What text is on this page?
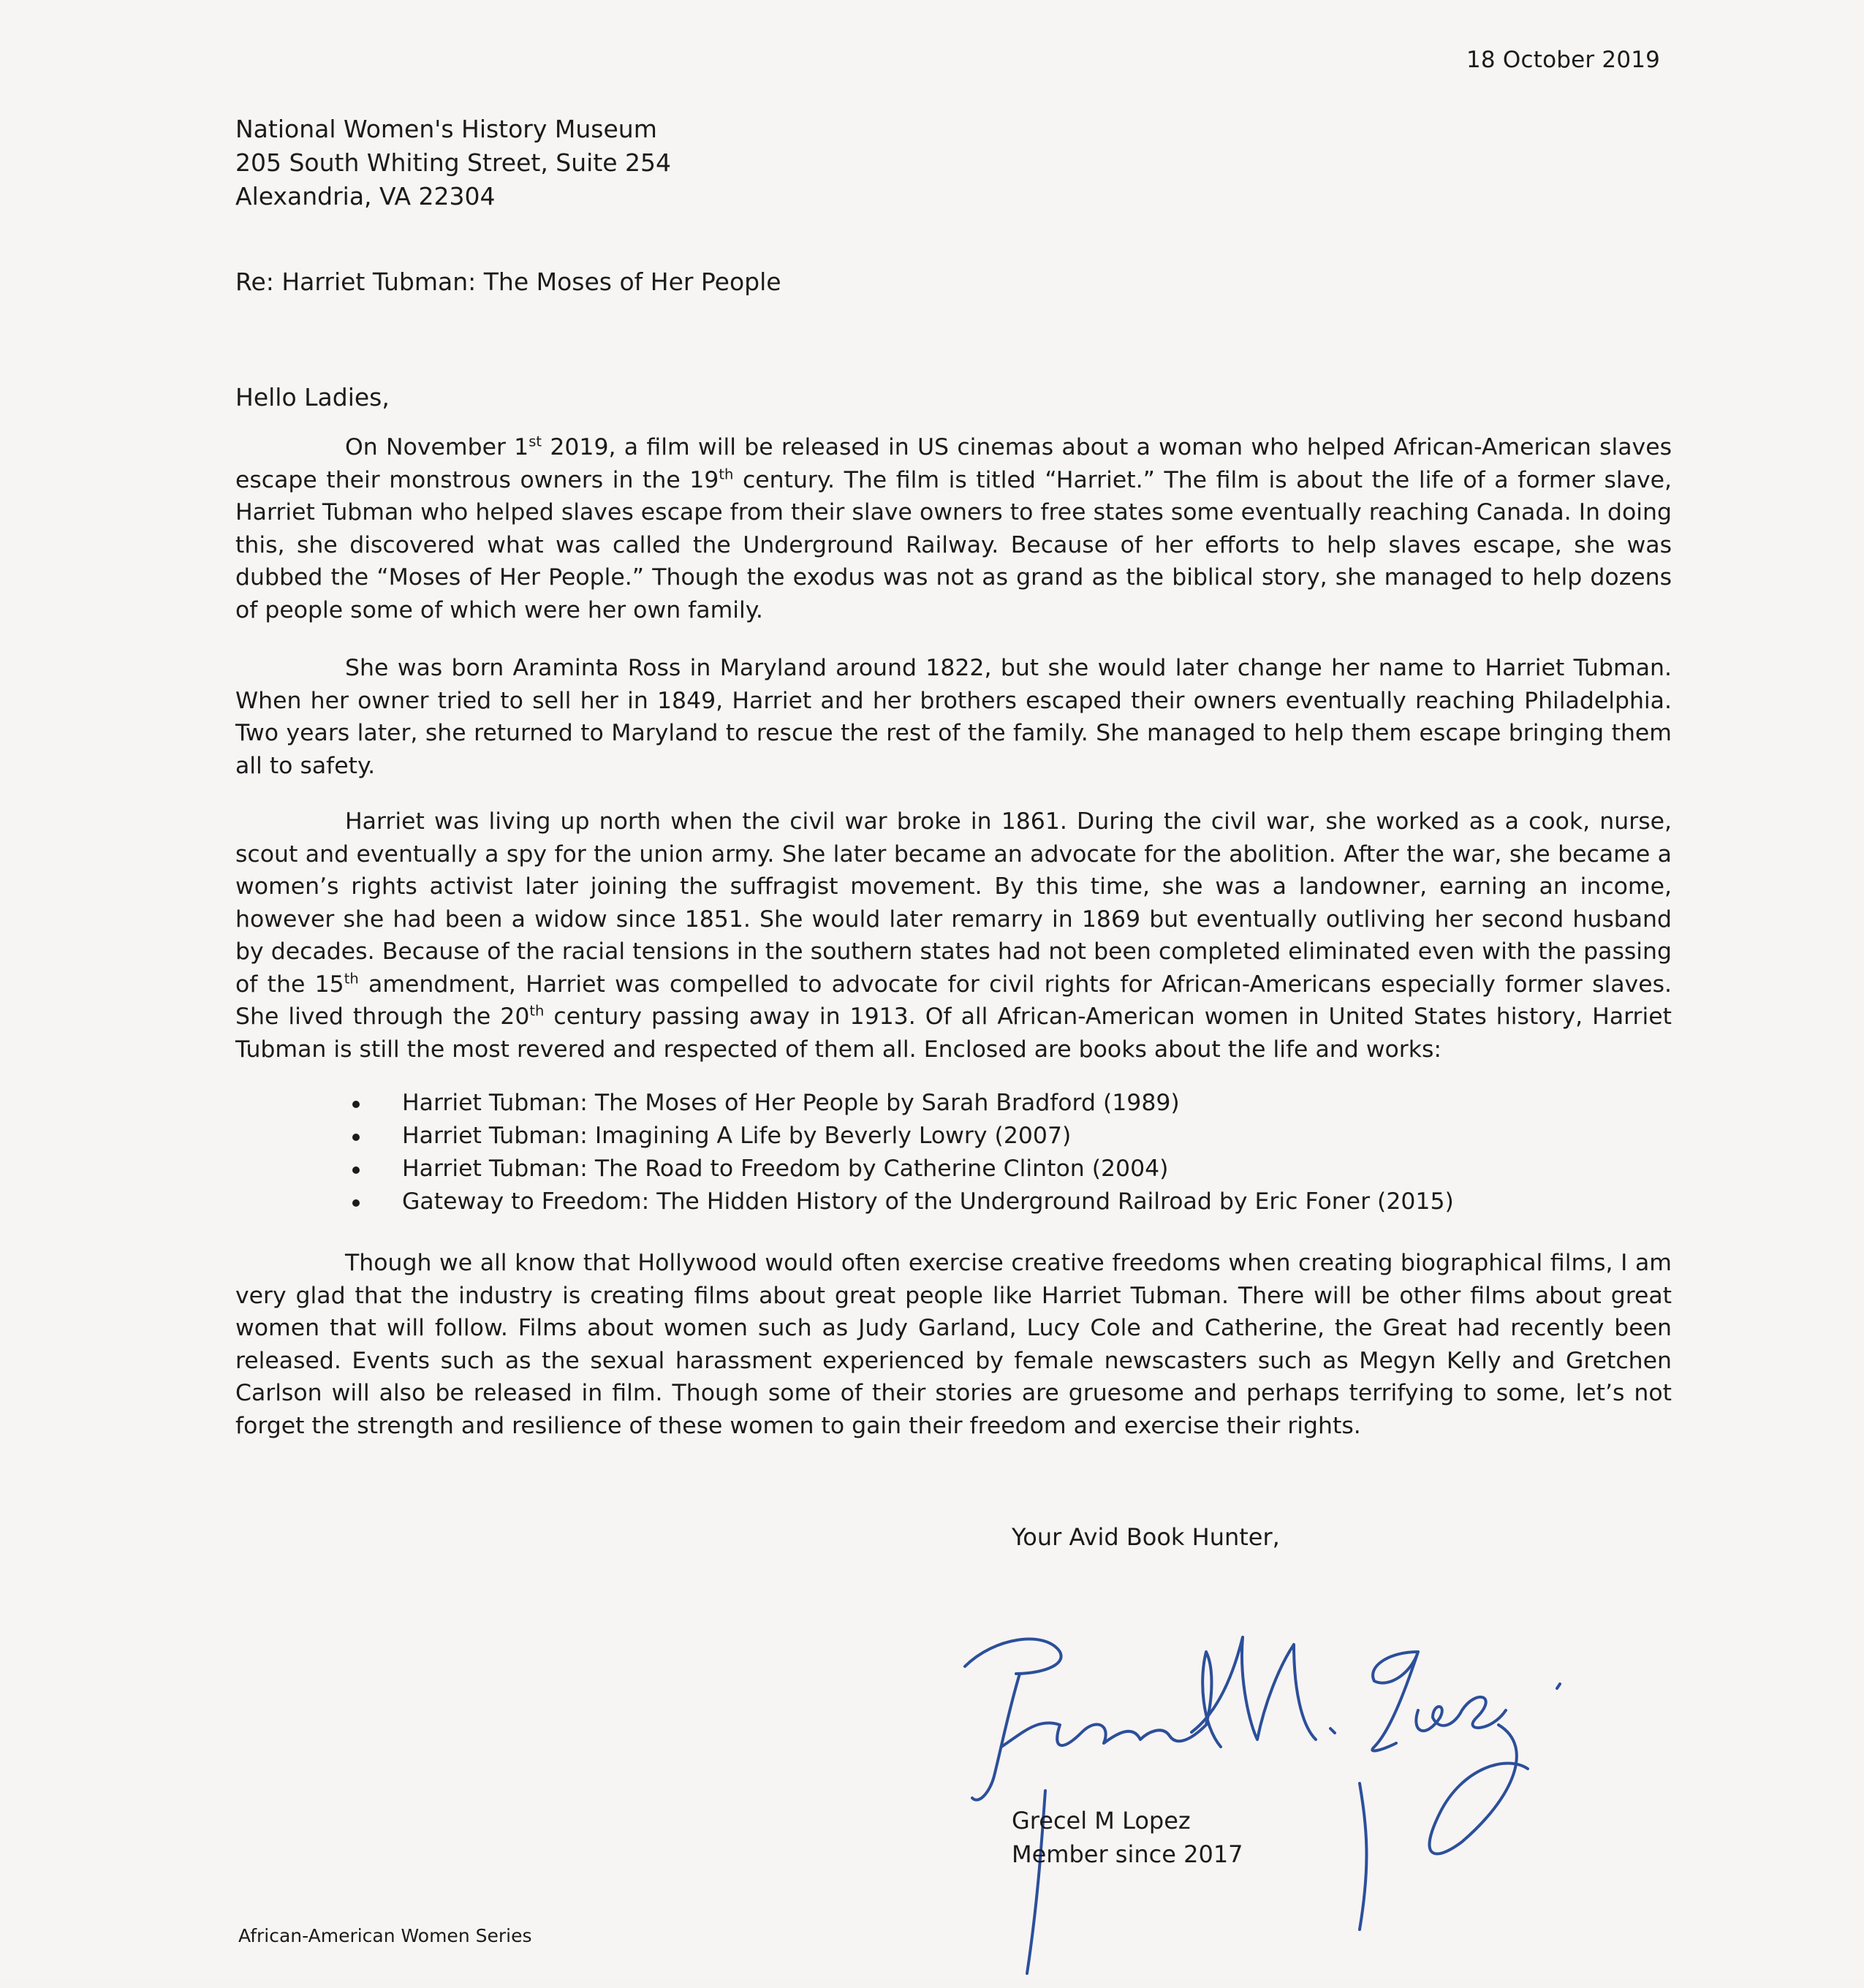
18 October 2019
National Women's History Museum
205 South Whiting Street, Suite 254
Alexandria, VA 22304
Re: Harriet Tubman: The Moses of Her People
Hello Ladies,

On November 1st 2019, a film will be released in US cinemas about a woman who helped African-American slaves escape their monstrous owners in the 19th century. The film is titled “Harriet.” The film is about the life of a former slave, Harriet Tubman who helped slaves escape from their slave owners to free states some eventually reaching Canada. In doing this, she discovered what was called the Underground Railway. Because of her efforts to help slaves escape, she was dubbed the “Moses of Her People.” Though the exodus was not as grand as the biblical story, she managed to help dozens of people some of which were her own family.

She was born Araminta Ross in Maryland around 1822, but she would later change her name to Harriet Tubman. When her owner tried to sell her in 1849, Harriet and her brothers escaped their owners eventually reaching Philadelphia. Two years later, she returned to Maryland to rescue the rest of the family. She managed to help them escape bringing them all to safety.

Harriet was living up north when the civil war broke in 1861. During the civil war, she worked as a cook, nurse, scout and eventually a spy for the union army. She later became an advocate for the abolition. After the war, she became a women’s rights activist later joining the suffragist movement. By this time, she was a landowner, earning an income, however she had been a widow since 1851. She would later remarry in 1869 but eventually outliving her second husband by decades. Because of the racial tensions in the southern states had not been completed eliminated even with the passing of the 15th amendment, Harriet was compelled to advocate for civil rights for African-Americans especially former slaves. She lived through the 20th century passing away in 1913. Of all African-American women in United States history, Harriet Tubman is still the most revered and respected of them all. Enclosed are books about the life and works:

Harriet Tubman: The Moses of Her People by Sarah Bradford (1989)
Harriet Tubman: Imagining A Life by Beverly Lowry (2007)
Harriet Tubman: The Road to Freedom by Catherine Clinton (2004)
Gateway to Freedom: The Hidden History of the Underground Railroad by Eric Foner (2015)

Though we all know that Hollywood would often exercise creative freedoms when creating biographical films, I am very glad that the industry is creating films about great people like Harriet Tubman. There will be other films about great women that will follow. Films about women such as Judy Garland, Lucy Cole and Catherine, the Great had recently been released. Events such as the sexual harassment experienced by female newscasters such as Megyn Kelly and Gretchen Carlson will also be released in film. Though some of their stories are gruesome and perhaps terrifying to some, let’s not forget the strength and resilience of these women to gain their freedom and exercise their rights.

Your Avid Book Hunter,
Grecel M Lopez
Member since 2017
African-American Women Series
